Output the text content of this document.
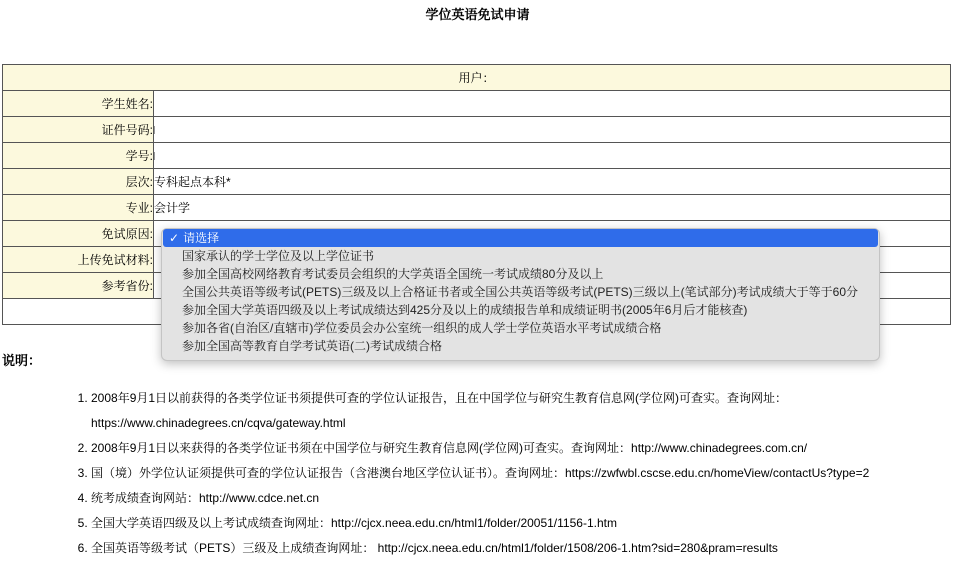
学位英语免试申请
用户：	
学生姓名:	
证件号码:	
学号:	
层次:	专科起点本科*
专业:	会计学
免试原因:	
上传免试材料:	
参考省份:	

✓ 请选择
国家承认的学士学位及以上学位证书
参加全国高校网络教育考试委员会组织的大学英语全国统一考试成绩80分及以上
全国公共英语等级考试(PETS)三级及以上合格证书者或全国公共英语等级考试(PETS)三级以上(笔试部分)考试成绩大于等于60分
参加全国大学英语四级及以上考试成绩达到425分及以上的成绩报告单和成绩证明书(2005年6月后才能核查)
参加各省(自治区/直辖市)学位委员会办公室统一组织的成人学士学位英语水平考试成绩合格
参加全国高等教育自学考试英语(二)考试成绩合格
说明：
1. 2008年9月1日以前获得的各类学位证书须提供可查的学位认证报告，且在中国学位与研究生教育信息网(学位网)可查实。查询网址：https://www.chinadegrees.cn/cqva/gateway.html
2. 2008年9月1日以来获得的各类学位证书须在中国学位与研究生教育信息网(学位网)可查实。查询网址：http://www.chinadegrees.com.cn/
3. 国（境）外学位认证须提供可查的学位认证报告（含港澳台地区学位认证书）。查询网址：https://zwfwbl.cscse.edu.cn/homeView/contactUs?type=2
4. 统考成绩查询网站：http://www.cdce.net.cn
5. 全国大学英语四级及以上考试成绩查询网址：http://cjcx.neea.edu.cn/html1/folder/20051/1156-1.htm
6. 全国英语等级考试（PETS）三级及上成绩查询网址： http://cjcx.neea.edu.cn/html1/folder/1508/206-1.htm?sid=280&pram=results
